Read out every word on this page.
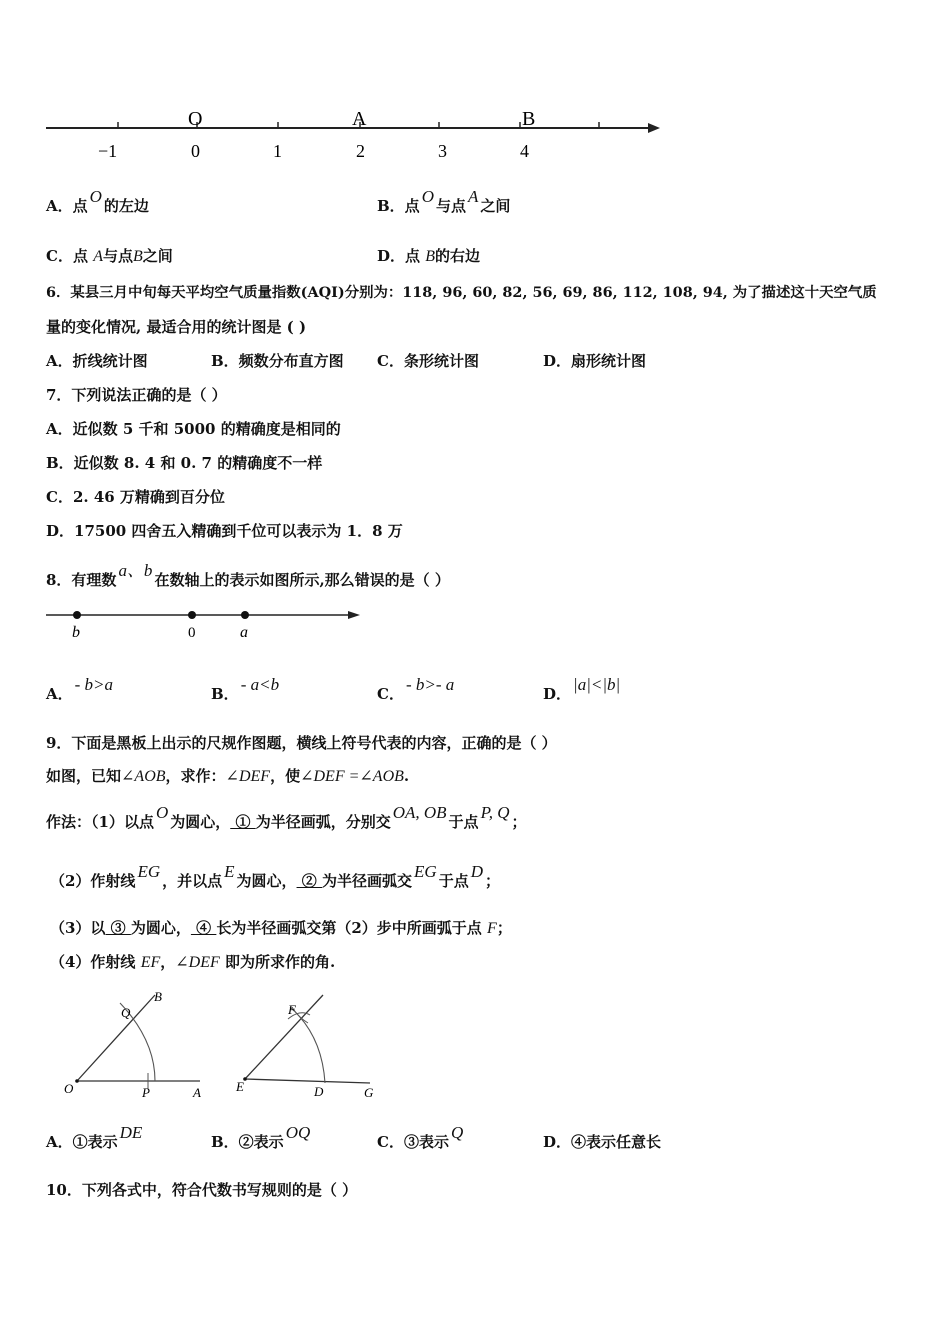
O	A	B
−1	0	1	2	3	4
A．点 O 的左边	B．点 O 与点 A 之间
C．点 A与点B之间	D．点 B的右边
6．某县三月中旬每天平均空气质量指数(AQI)分别为：118, 96, 60, 82, 56, 69, 86, 112, 108, 94, 为了描述这十天空气质
量的变化情况, 最适合用的统计图是 ( )
A．折线统计图	B．频数分布直方图 C．条形统计图	D．扇形统计图
7．下列说法正确的是（ ）
A．近似数 5 千和 5000 的精确度是相同的
B．近似数 8. 4 和 0. 7 的精确度不一样
C．2. 46 万精确到百分位
D．17500 四舍五入精确到千位可以表示为 1．8 万
8．有理数 a、b 在数轴上的表示如图所示,那么错误的是（ ）
b	0	a
A． - b>a	B． - a<b	C． - b>- a	D． |a|<|b|
9．下面是黑板上出示的尺规作图题，横线上符号代表的内容，正确的是（ ）
如图，已知∠AOB，求作：∠DEF，使∠DEF =∠AOB.
作法：（1）以点 O 为圆心， ① 为半径画弧，分别交 OA, OB 于点 P, Q ；
（2）作射线 EG ，并以点 E 为圆心， ② 为半径画弧交 EG 于点 D ；
（3）以 ③ 为圆心， ④ 长为半径画弧交第（2）步中所画弧于点 F；
（4）作射线 EF，∠DEF 即为所求作的角.
O	P	A
Q
B
E	D	G
F
A．①表示 DE	B．②表示 OQ	C．③表示 Q	D．④表示任意长
10．下列各式中，符合代数书写规则的是（ ）
